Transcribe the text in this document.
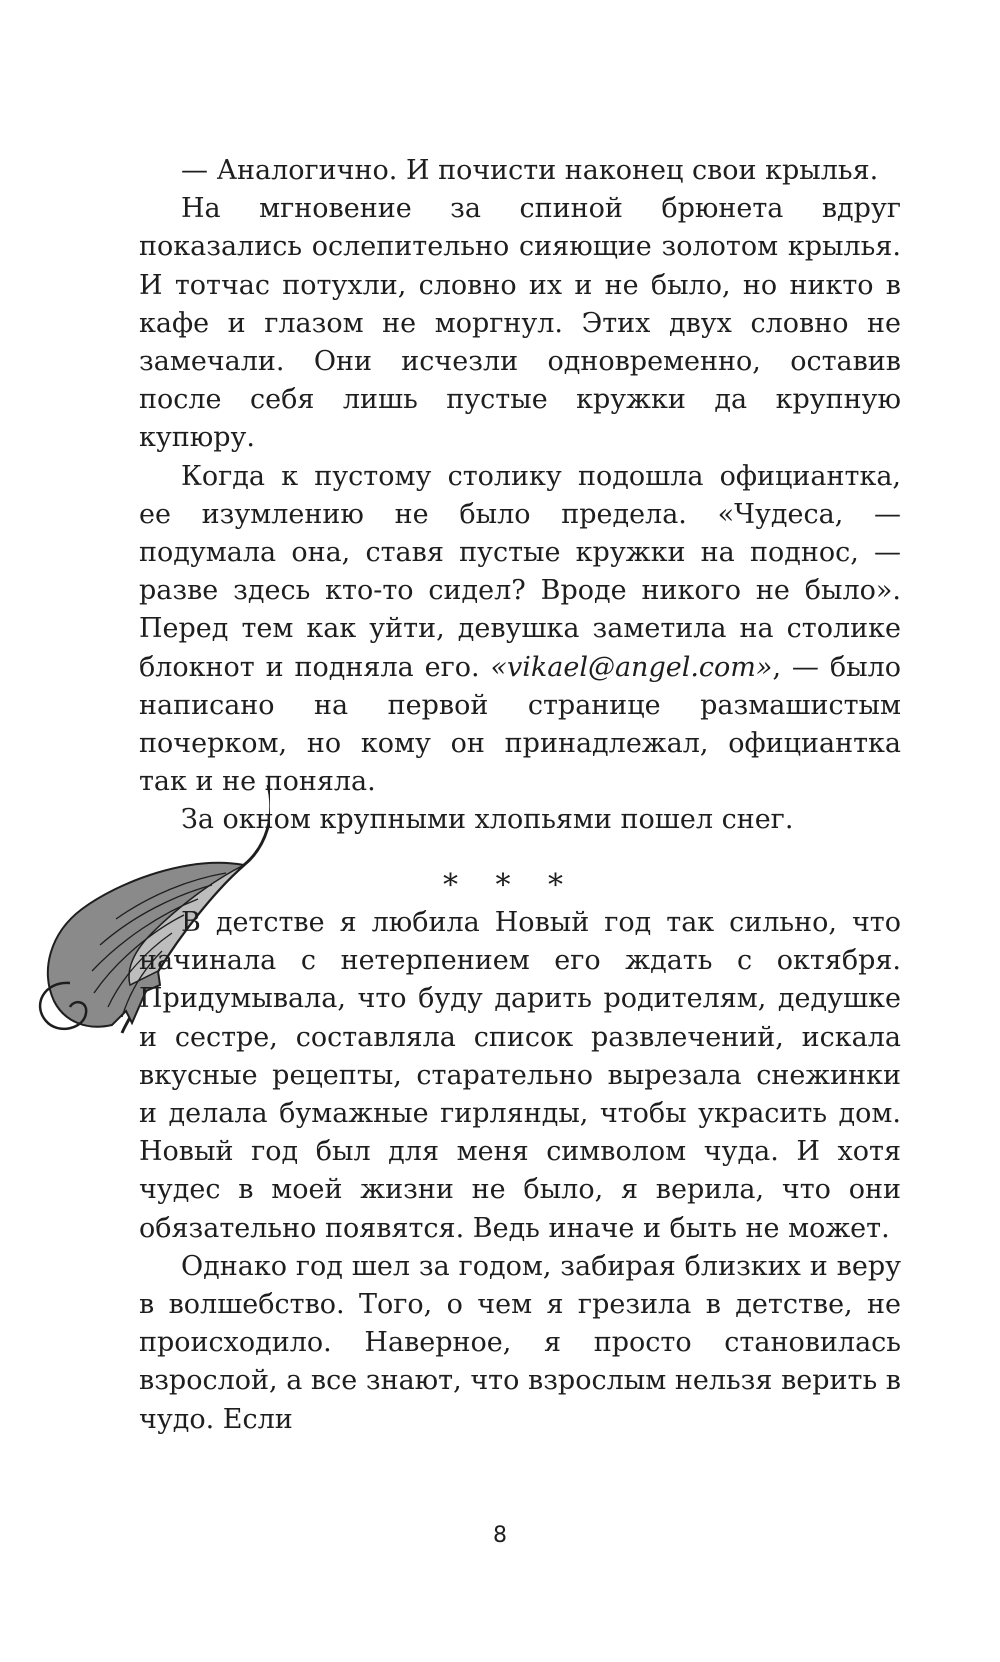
— Аналогично. И почисти наконец свои крылья.

На мгновение за спиной брюнета вдруг показались ослепительно сияющие золотом крылья. И тотчас потухли, словно их и не было, но никто в кафе и глазом не моргнул. Этих двух словно не замечали. Они исчезли одновременно, оставив после себя лишь пустые кружки да крупную купюру.

Когда к пустому столику подошла официантка, ее изумлению не было предела. «Чудеса, — подумала она, ставя пустые кружки на поднос, — разве здесь кто-то сидел? Вроде никого не было». Перед тем как уйти, девушка заметила на столике блокнот и подняла его. «vikael@angel.com», — было написано на первой странице размашистым почерком, но кому он принадлежал, официантка так и не поняла.

За окном крупными хлопьями пошел снег.

* * *

В детстве я любила Новый год так сильно, что начинала с нетерпением его ждать с октября. Придумывала, что буду дарить родителям, дедушке и сестре, составляла список развлечений, искала вкусные рецепты, старательно вырезала снежинки и делала бумажные гирлянды, чтобы украсить дом. Новый год был для меня символом чуда. И хотя чудес в моей жизни не было, я верила, что они обязательно появятся. Ведь иначе и быть не может.

Однако год шел за годом, забирая близких и веру в волшебство. Того, о чем я грезила в детстве, не происходило. Наверное, я просто становилась взрослой, а все знают, что взрослым нельзя верить в чудо. Если

8
